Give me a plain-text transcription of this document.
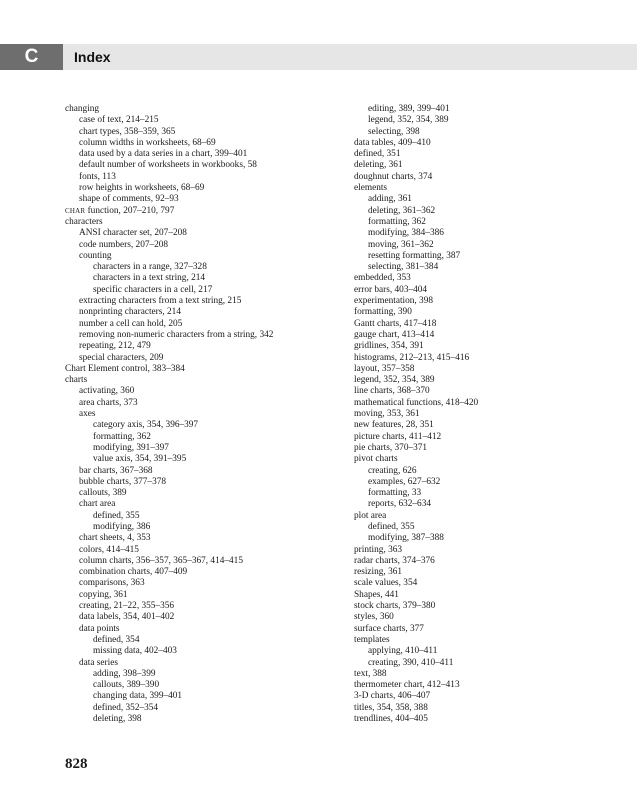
C	Index
changing
case of text, 214–215
chart types, 358–359, 365
column widths in worksheets, 68–69
data used by a data series in a chart, 399–401
default number of worksheets in workbooks, 58
fonts, 113
row heights in worksheets, 68–69
shape of comments, 92–93
char function, 207–210, 797
characters
ANSI character set, 207–208
code numbers, 207–208
counting
characters in a range, 327–328
characters in a text string, 214
specific characters in a cell, 217
extracting characters from a text string, 215
nonprinting characters, 214
number a cell can hold, 205
removing non-numeric characters from a string, 342
repeating, 212, 479
special characters, 209
Chart Element control, 383–384
charts
activating, 360
area charts, 373
axes
category axis, 354, 396–397
formatting, 362
modifying, 391–397
value axis, 354, 391–395
bar charts, 367–368
bubble charts, 377–378
callouts, 389
chart area
defined, 355
modifying, 386
chart sheets, 4, 353
colors, 414–415
column charts, 356–357, 365–367, 414–415
combination charts, 407–409
comparisons, 363
copying, 361
creating, 21–22, 355–356
data labels, 354, 401–402
data points
defined, 354
missing data, 402–403
data series
adding, 398–399
callouts, 389–390
changing data, 399–401
defined, 352–354
deleting, 398
editing, 389, 399–401
legend, 352, 354, 389
selecting, 398
data tables, 409–410
defined, 351
deleting, 361
doughnut charts, 374
elements
adding, 361
deleting, 361–362
formatting, 362
modifying, 384–386
moving, 361–362
resetting formatting, 387
selecting, 381–384
embedded, 353
error bars, 403–404
experimentation, 398
formatting, 390
Gantt charts, 417–418
gauge chart, 413–414
gridlines, 354, 391
histograms, 212–213, 415–416
layout, 357–358
legend, 352, 354, 389
line charts, 368–370
mathematical functions, 418–420
moving, 353, 361
new features, 28, 351
picture charts, 411–412
pie charts, 370–371
pivot charts
creating, 626
examples, 627–632
formatting, 33
reports, 632–634
plot area
defined, 355
modifying, 387–388
printing, 363
radar charts, 374–376
resizing, 361
scale values, 354
Shapes, 441
stock charts, 379–380
styles, 360
surface charts, 377
templates
applying, 410–411
creating, 390, 410–411
text, 388
thermometer chart, 412–413
3-D charts, 406–407
titles, 354, 358, 388
trendlines, 404–405
828
